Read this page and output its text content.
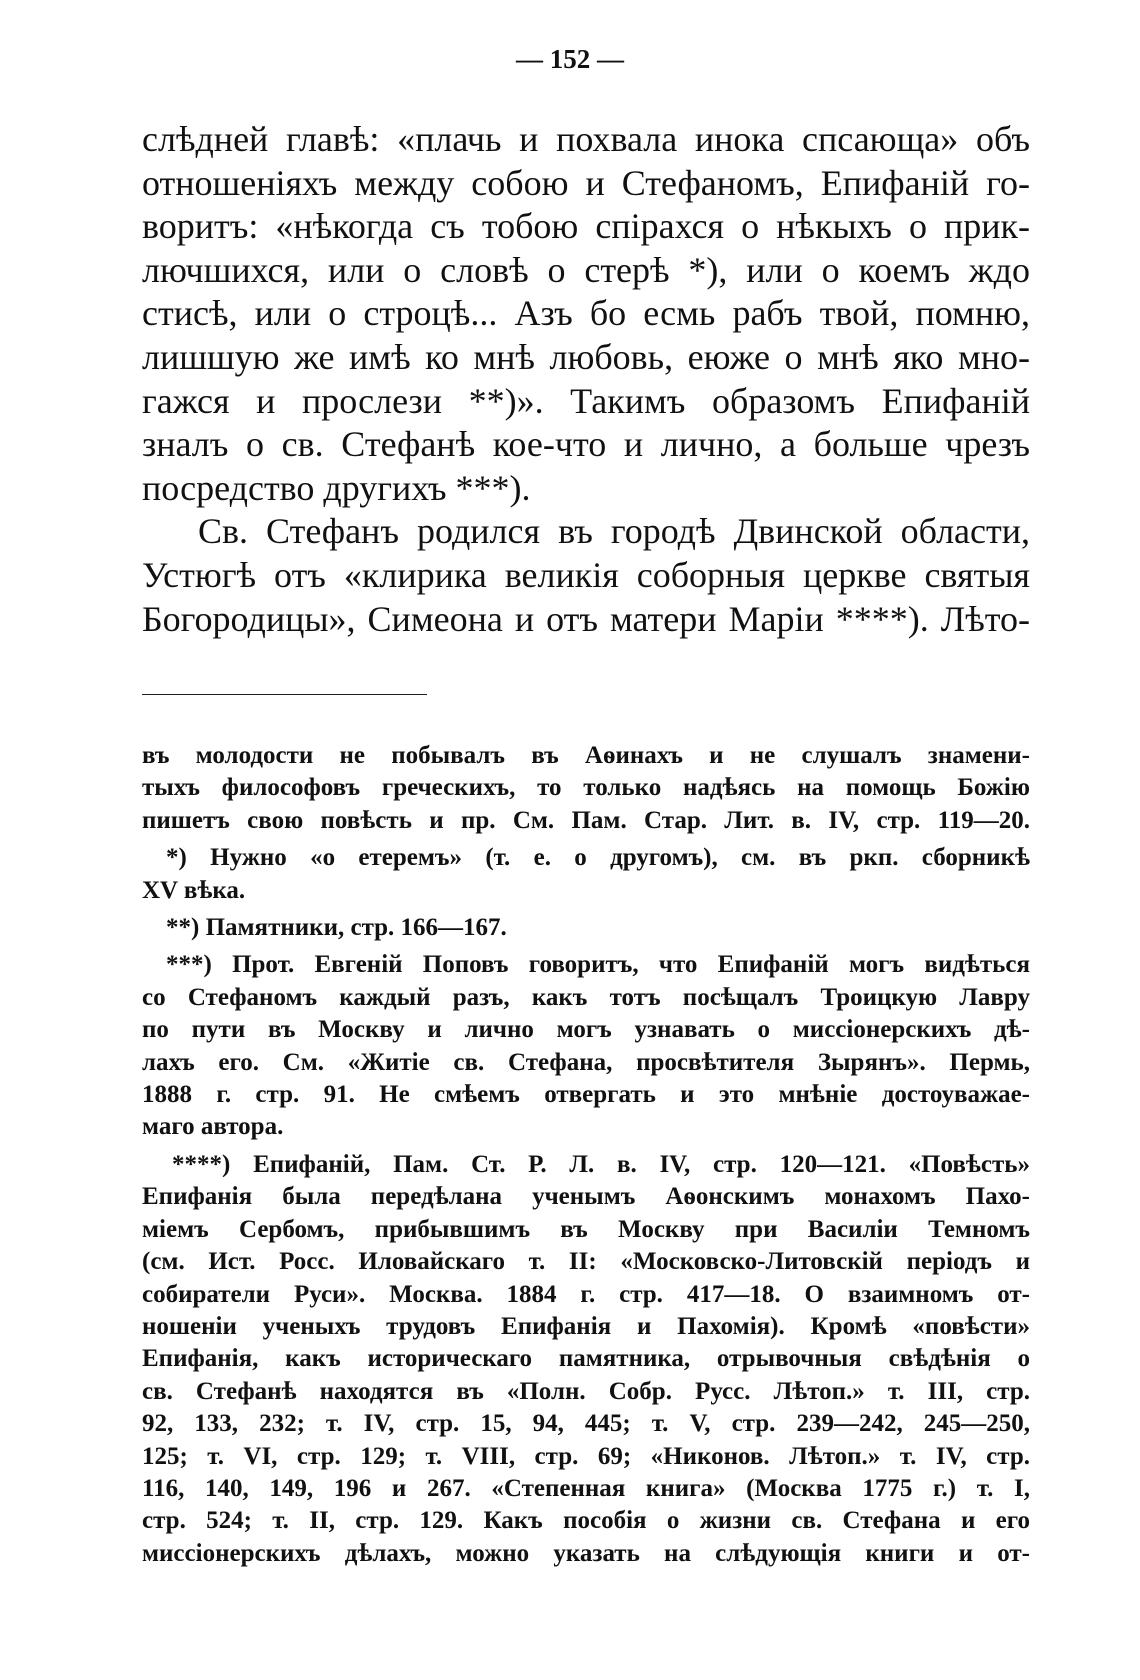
— 152 —
слѣдней главѣ: «плачь и похвала инока спсающа» объ
отношеніяхъ между собою и Стефаномъ, Епифаній го-
воритъ: «нѣкогда съ тобою спірахся о нѣкыхъ о прик-
лючшихся, или о словѣ о стерѣ *), или о коемъ ждо
стисѣ, или о строцѣ... Азъ бо есмь рабъ твой, помню,
лишшую же имѣ ко мнѣ любовь, еюже о мнѣ яко мно-
гажся и прослези **)». Такимъ образомъ Епифаній
зналъ о св. Стефанѣ кое-что и лично, а больше чрезъ
посредство другихъ ***).
Св. Стефанъ родился въ городѣ Двинской области,
Устюгѣ отъ «клирика великія соборныя церкве святыя
Богородицы», Симеона и отъ матери Маріи ****). Лѣто-
въ молодости не побывалъ въ Аѳинахъ и не слушалъ знамени-
тыхъ философовъ греческихъ, то только надѣясь на помощь Божію
пишетъ свою повѣсть и пр. См. Пам. Стар. Лит. в. IV, стр. 119—20.
*) Нужно «о етеремъ» (т. е. о другомъ), см. въ ркп. сборникѣ
XV вѣка.
**) Памятники, стр. 166—167.
***) Прот. Евгеній Поповъ говоритъ, что Епифаній могъ видѣться
со Стефаномъ каждый разъ, какъ тотъ посѣщалъ Троицкую Лавру
по пути въ Москву и лично могъ узнавать о миссіонерскихъ дѣ-
лахъ его. См. «Житіе св. Стефана, просвѣтителя Зырянъ». Пермь,
1888 г. стр. 91. Не смѣемъ отвергать и это мнѣніе достоуважае-
маго автора.
****) Епифаній, Пам. Ст. Р. Л. в. IV, стр. 120—121. «Повѣсть»
Епифанія была передѣлана ученымъ Аѳонскимъ монахомъ Пахо-
міемъ Сербомъ, прибывшимъ въ Москву при Василіи Темномъ
(см. Ист. Росс. Иловайскаго т. II: «Московско-Литовскій періодъ и
собиратели Руси». Москва. 1884 г. стр. 417—18. О взаимномъ от-
ношеніи ученыхъ трудовъ Епифанія и Пахомія). Кромѣ «повѣсти»
Епифанія, какъ историческаго памятника, отрывочныя свѣдѣнія о
св. Стефанѣ находятся въ «Полн. Собр. Русс. Лѣтоп.» т. III, стр.
92, 133, 232; т. IV, стр. 15, 94, 445; т. V, стр. 239—242, 245—250,
125; т. VI, стр. 129; т. VIII, стр. 69; «Никонов. Лѣтоп.» т. IV, стр.
116, 140, 149, 196 и 267. «Степенная книга» (Москва 1775 г.) т. I,
стр. 524; т. II, стр. 129. Какъ пособія о жизни св. Стефана и его
миссіонерскихъ дѣлахъ, можно указать на слѣдующія книги и от-
